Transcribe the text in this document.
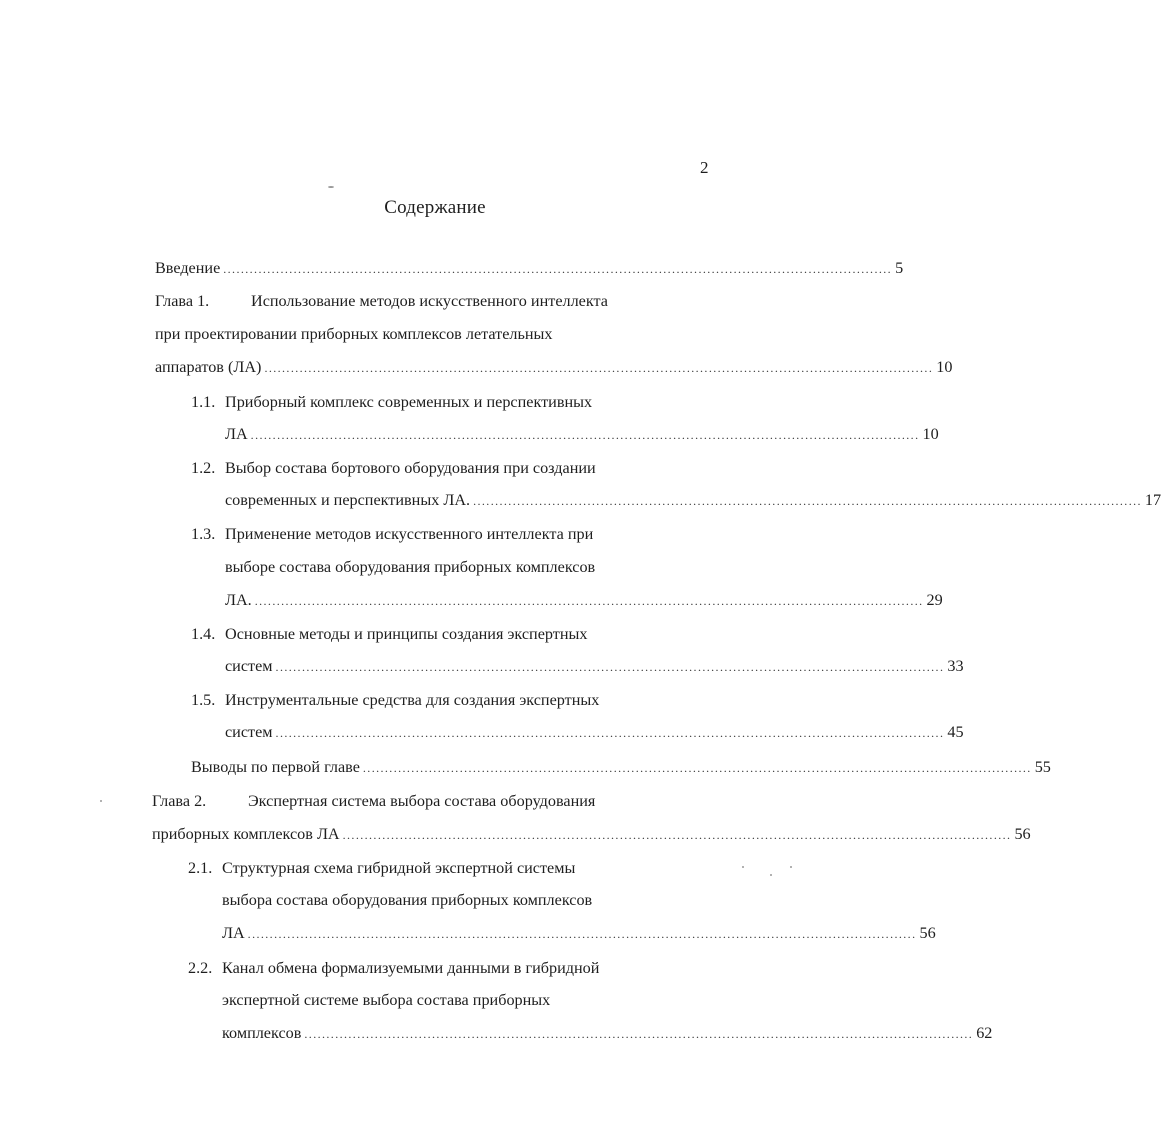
2
Содержание
Введение ........................................................................................................................................................ 5
Глава 1.	Использование методов искусственного интеллекта
при проектировании приборных комплексов летательных
аппаратов (ЛА) ........................................................................................................................................................ 10
1.1. Приборный комплекс современных и перспективных
ЛА ........................................................................................................................................................ 10
1.2. Выбор состава бортового оборудования при создании
современных и перспективных ЛА. ........................................................................................................................................................ 17
1.3. Применение методов искусственного интеллекта при
выборе состава оборудования приборных комплексов
ЛА. ........................................................................................................................................................ 29
1.4. Основные методы и принципы создания экспертных
систем ........................................................................................................................................................ 33
1.5. Инструментальные средства для создания экспертных
систем ........................................................................................................................................................ 45
Выводы по первой главе ........................................................................................................................................................ 55
Глава 2.	Экспертная система выбора состава оборудования
приборных комплексов ЛА ........................................................................................................................................................ 56
2.1. Структурная схема гибридной экспертной системы
выбора состава оборудования приборных комплексов
ЛА ........................................................................................................................................................ 56
2.2. Канал обмена формализуемыми данными в гибридной
экспертной системе выбора состава приборных
комплексов ........................................................................................................................................................ 62
